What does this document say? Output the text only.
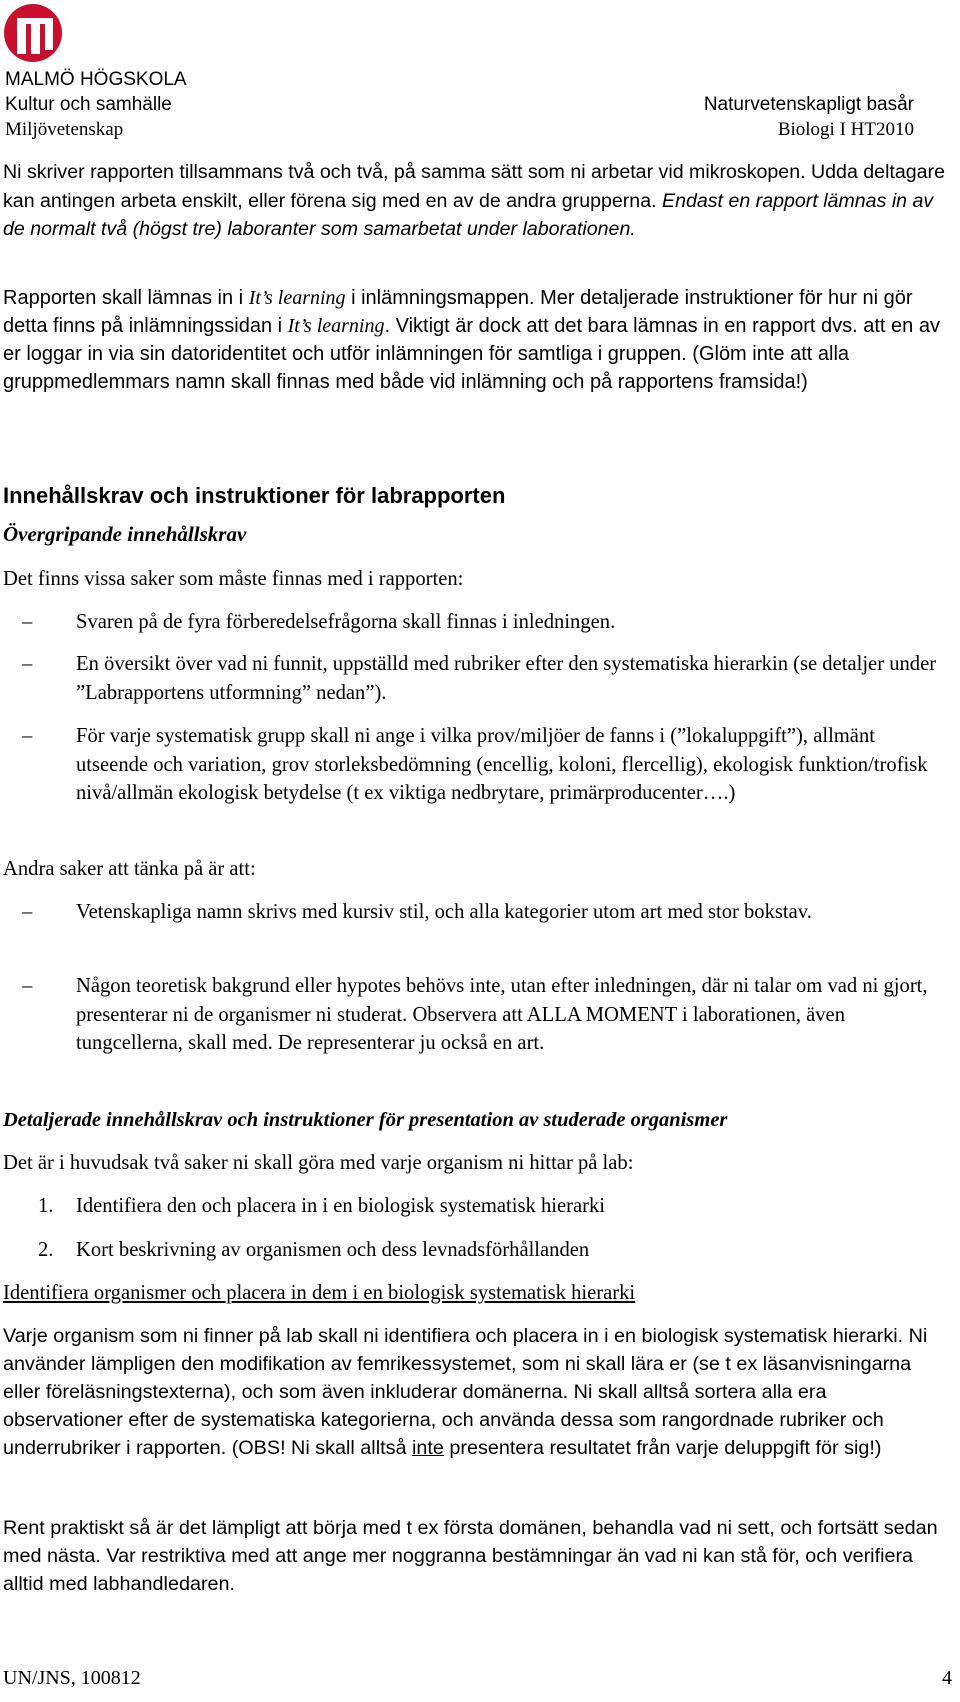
MALMÖ HÖGSKOLA
Kultur och samhälle
Miljövetenskap
Naturvetenskapligt basår
Biologi I HT2010

Ni skriver rapporten tillsammans två och två, på samma sätt som ni arbetar vid mikroskopen. Udda deltagare kan antingen arbeta enskilt, eller förena sig med en av de andra grupperna. Endast en rapport lämnas in av de normalt två (högst tre) laboranter som samarbetat under laborationen.

Rapporten skall lämnas in i It’s learning i inlämningsmappen. Mer detaljerade instruktioner för hur ni gör detta finns på inlämningssidan i It’s learning. Viktigt är dock att det bara lämnas in en rapport dvs. att en av er loggar in via sin datoridentitet och utför inlämningen för samtliga i gruppen. (Glöm inte att alla gruppmedlemmars namn skall finnas med både vid inlämning och på rapportens framsida!)

Innehållskrav och instruktioner för labrapporten
Övergripande innehållskrav
Det finns vissa saker som måste finnas med i rapporten:
–	Svaren på de fyra förberedelsefrågorna skall finnas i inledningen.
–	En översikt över vad ni funnit, uppställd med rubriker efter den systematiska hierarkin (se detaljer under ”Labrapportens utformning” nedan”).
–	För varje systematisk grupp skall ni ange i vilka prov/miljöer de fanns i (”lokaluppgift”), allmänt utseende och variation, grov storleksbedömning (encellig, koloni, flercellig), ekologisk funktion/trofisk nivå/allmän ekologisk betydelse (t ex viktiga nedbrytare, primärproducenter….)
Andra saker att tänka på är att:
–	Vetenskapliga namn skrivs med kursiv stil, och alla kategorier utom art med stor bokstav.
–	Någon teoretisk bakgrund eller hypotes behövs inte, utan efter inledningen, där ni talar om vad ni gjort, presenterar ni de organismer ni studerat. Observera att ALLA MOMENT i laborationen, även tungcellerna, skall med. De representerar ju också en art.
Detaljerade innehållskrav och instruktioner för presentation av studerade organismer
Det är i huvudsak två saker ni skall göra med varje organism ni hittar på lab:
1. Identifiera den och placera in i en biologisk systematisk hierarki
2. Kort beskrivning av organismen och dess levnadsförhållanden
Identifiera organismer och placera in dem i en biologisk systematisk hierarki

Varje organism som ni finner på lab skall ni identifiera och placera in i en biologisk systematisk hierarki. Ni använder lämpligen den modifikation av femrikessystemet, som ni skall lära er (se t ex läsanvisningarna eller föreläsningstexterna), och som även inkluderar domänerna. Ni skall alltså sortera alla era observationer efter de systematiska kategorierna, och använda dessa som rangordnade rubriker och underrubriker i rapporten. (OBS! Ni skall alltså inte presentera resultatet från varje deluppgift för sig!)

Rent praktiskt så är det lämpligt att börja med t ex första domänen, behandla vad ni sett, och fortsätt sedan med nästa. Var restriktiva med att ange mer noggranna bestämningar än vad ni kan stå för, och verifiera alltid med labhandledaren.

UN/JNS, 100812	4
